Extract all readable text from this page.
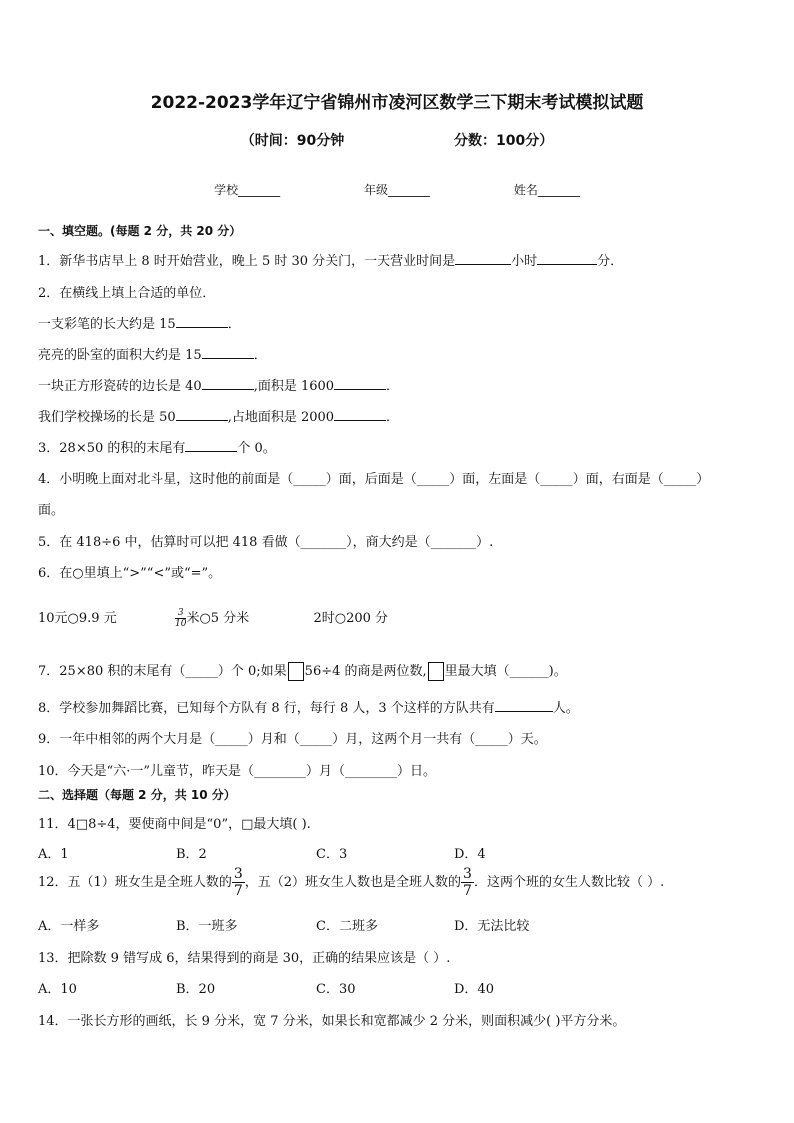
2022-2023学年辽宁省锦州市凌河区数学三下期末考试模拟试题
（时间：90分钟	分数：100分）
学校_______	年级_______	姓名_______
一、填空题。(每题 2 分，共 20 分）
1．新华书店早上 8 时开始营业，晚上 5 时 30 分关门，一天营业时间是	小时	分．
2．在横线上填上合适的单位．
一支彩笔的长大约是 15	．
亮亮的卧室的面积大约是 15	．
一块正方形瓷砖的边长是 40	,面积是 1600	．
我们学校操场的长是 50	,占地面积是 2000	．
3．28×50 的积的末尾有	个 0。
4．小明晚上面对北斗星，这时他的前面是（_____）面，后面是（_____）面，左面是（_____）面，右面是（_____）
面。
5．在 418÷6 中，估算时可以把 418 看做（_______），商大约是（_______）.
6．在○里填上“>”“<”或“=”。
10元○9.9 元	$\frac{3}{10}$ 米○5 分米	2时○200 分
7．25×80 积的末尾有（_____）个 0;如果 56÷4 的商是两位数, 里最大填（______)。
8．学校参加舞蹈比赛，已知每个方队有 8 行，每行 8 人，3 个这样的方队共有	人。
9．一年中相邻的两个大月是（_____）月和（_____）月，这两个月一共有（_____）天。
10．今天是“六·一”儿童节，昨天是（________）月（________）日。
二、选择题（每题 2 分，共 10 分）
11．4□8÷4，要使商中间是“0”，□最大填( ).
A．1	B．2	C．3	D．4
12．五（1）班女生是全班人数的 $\frac{3}{7}$ ，五（2）班女生人数也是全班人数的 $\frac{3}{7}$ ．这两个班的女生人数比较（ ）.
A．一样多	B．一班多	C．二班多	D．无法比较
13．把除数 9 错写成 6，结果得到的商是 30，正确的结果应该是（ ）.
A．10	B．20	C．30	D．40
14．一张长方形的画纸，长 9 分米，宽 7 分米，如果长和宽都减少 2 分米，则面积减少( )平方分米。
